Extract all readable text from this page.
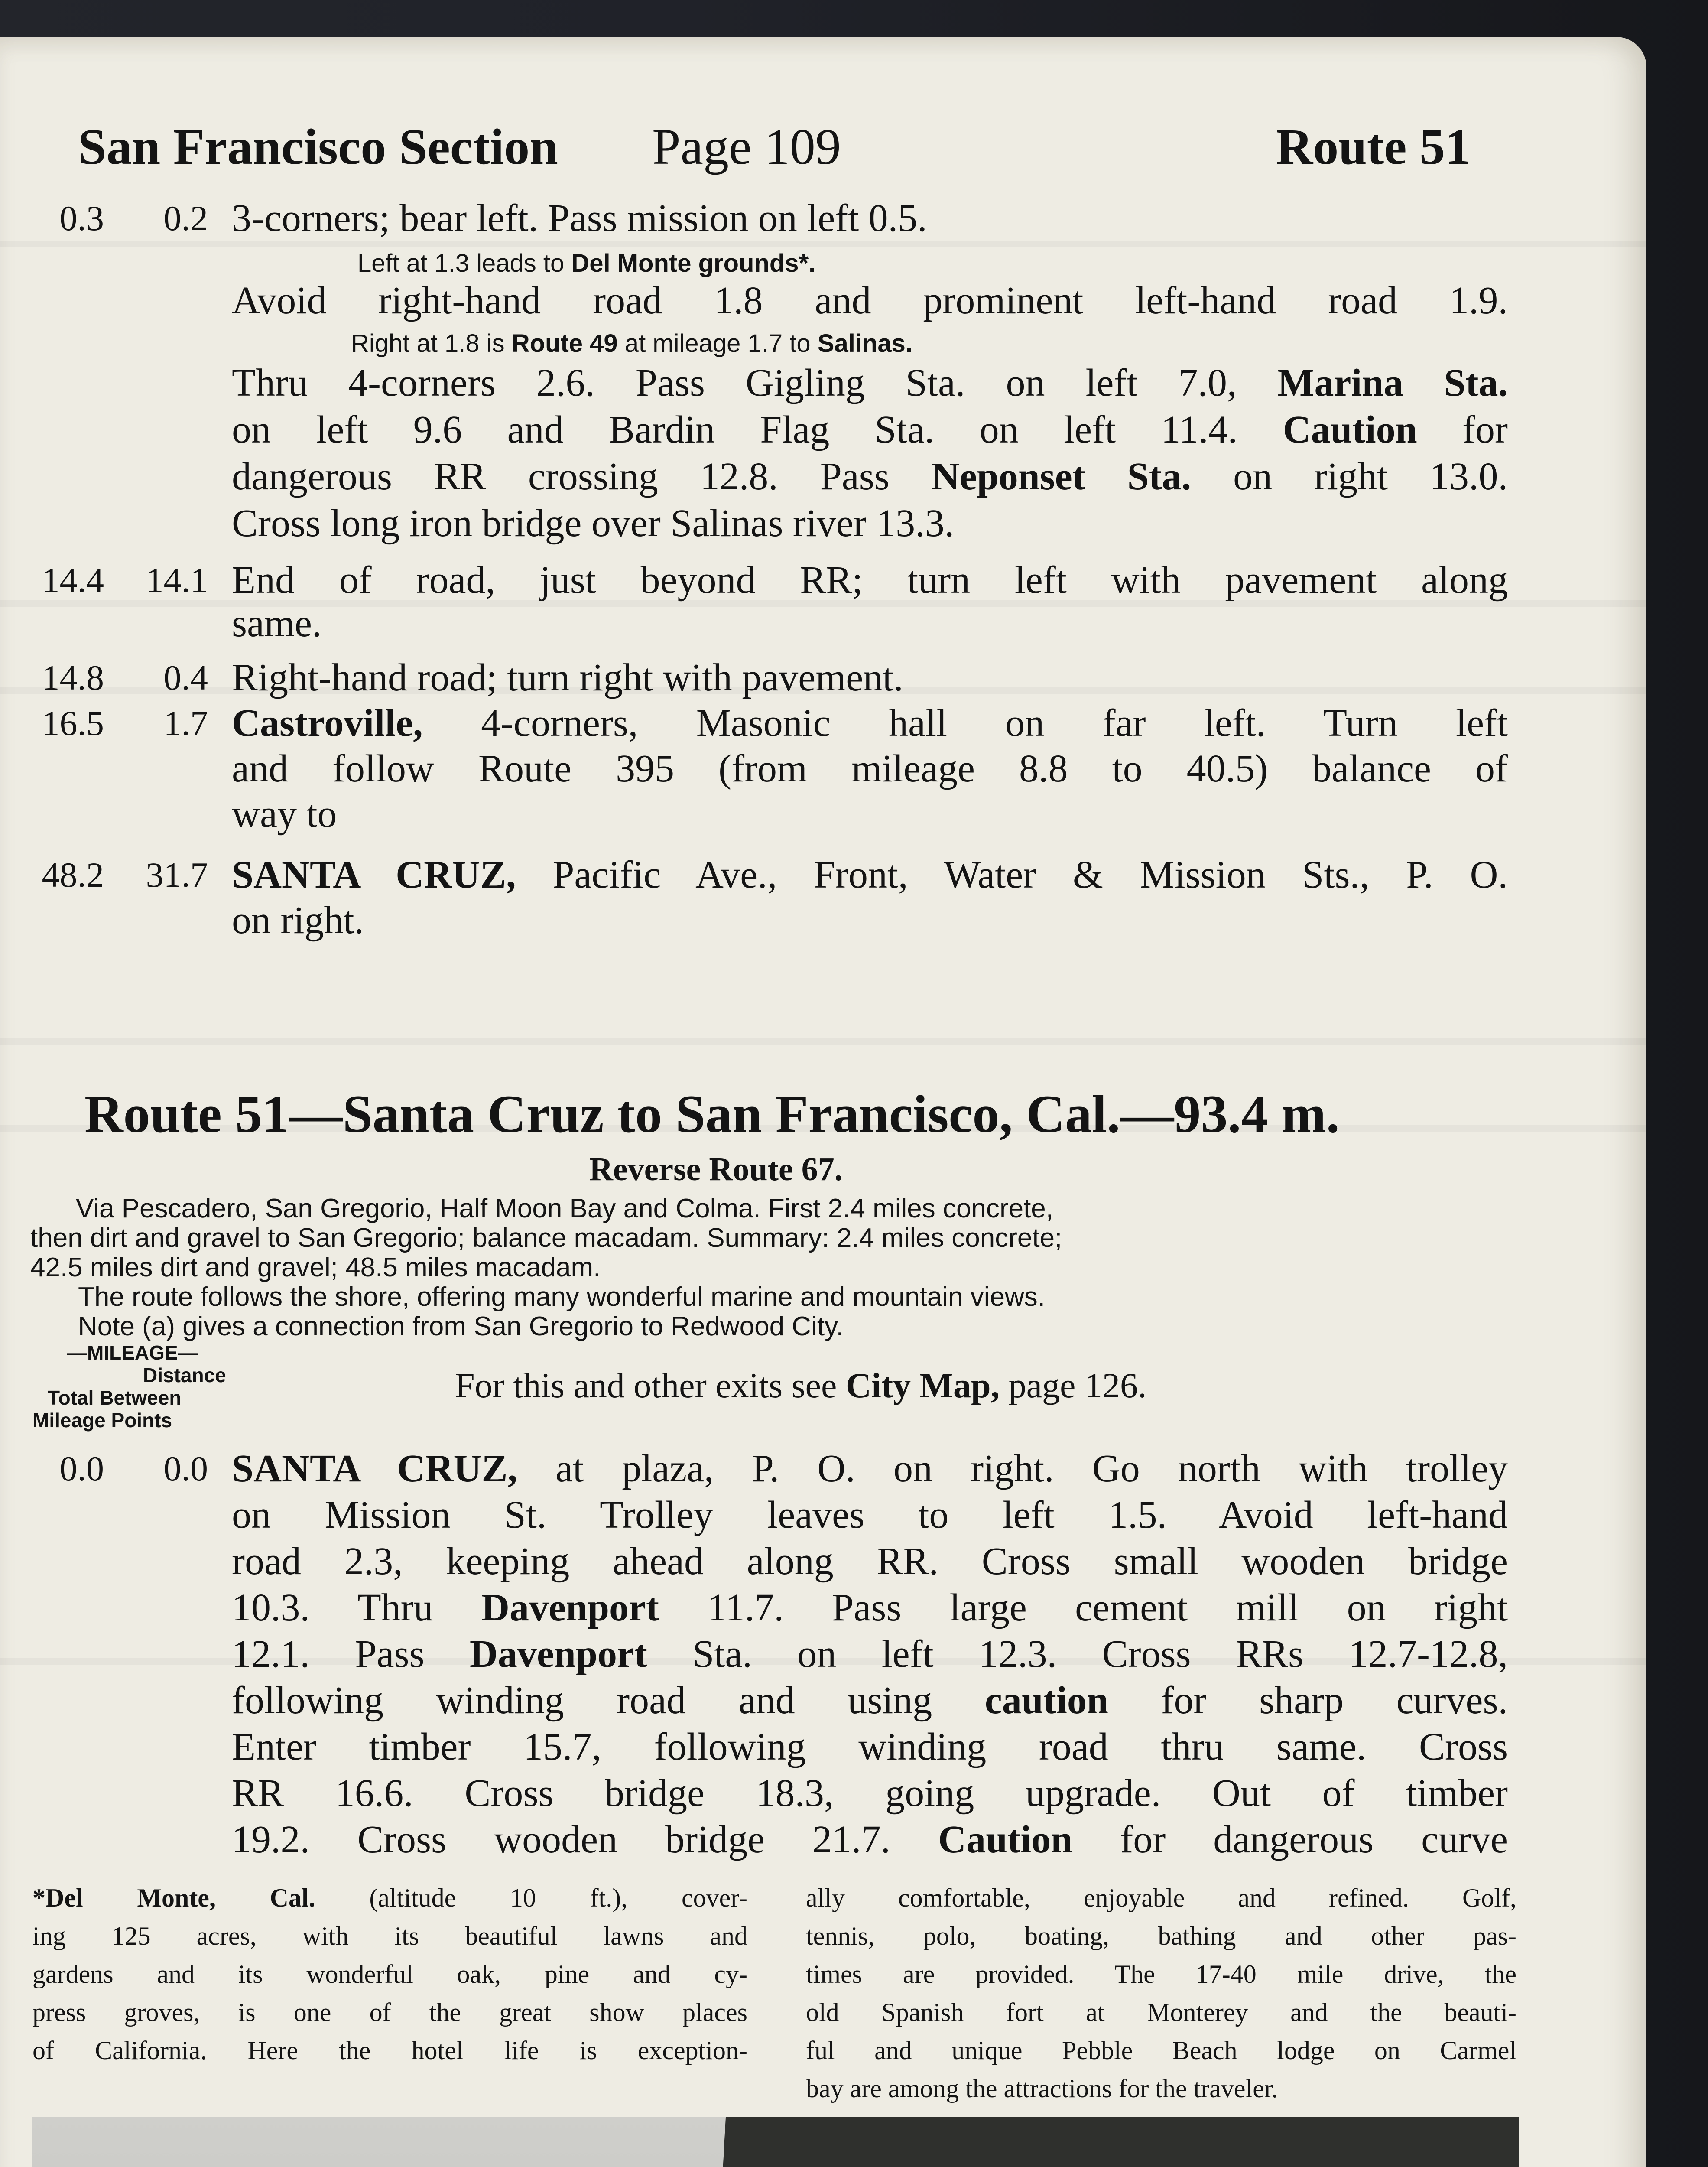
San Francisco Section Page 109	Route 51
0.3	0.2 3-corners; bear left. Pass mission on left 0.5.
Left at 1.3 leads to Del Monte grounds*.
Avoid right-hand road 1.8 and prominent left-hand road 1.9.
Right at 1.8 is Route 49 at mileage 1.7 to Salinas.
Thru 4-corners 2.6. Pass Gigling Sta. on left 7.0, Marina Sta.
on left 9.6 and Bardin Flag Sta. on left 11.4. Caution for
dangerous RR crossing 12.8. Pass Neponset Sta. on right 13.0.
Cross long iron bridge over Salinas river 13.3.
14.4	14.1 End of road, just beyond RR; turn left with pavement along
same.
14.8	0.4 Right-hand road; turn right with pavement.
16.5	1.7 Castroville, 4-corners, Masonic hall on far left. Turn left
and follow Route 395 (from mileage 8.8 to 40.5) balance of
way to
48.2	31.7 SANTA CRUZ, Pacific Ave., Front, Water & Mission Sts., P. O.
on right.
Route 51—Santa Cruz to San Francisco, Cal.—93.4 m.
Reverse Route 67.
Via Pescadero, San Gregorio, Half Moon Bay and Colma. First 2.4 miles concrete,
then dirt and gravel to San Gregorio; balance macadam. Summary: 2.4 miles concrete;
42.5 miles dirt and gravel; 48.5 miles macadam.
The route follows the shore, offering many wonderful marine and mountain views.
Note (a) gives a connection from San Gregorio to Redwood City.
—MILEAGE—
Distance
Total Between
Mileage Points
For this and other exits see City Map, page 126.
0.0	0.0 SANTA CRUZ, at plaza, P. O. on right. Go north with trolley
on Mission St. Trolley leaves to left 1.5. Avoid left-hand
road 2.3, keeping ahead along RR. Cross small wooden bridge
10.3. Thru Davenport 11.7. Pass large cement mill on right
12.1. Pass Davenport Sta. on left 12.3. Cross RRs 12.7-12.8,
following winding road and using caution for sharp curves.
Enter timber 15.7, following winding road thru same. Cross
RR 16.6. Cross bridge 18.3, going upgrade. Out of timber
19.2. Cross wooden bridge 21.7. Caution for dangerous curve
*Del Monte, Cal. (altitude 10 ft.), cover-
ing 125 acres, with its beautiful lawns and
gardens and its wonderful oak, pine and cy-
press groves, is one of the great show places
of California. Here the hotel life is exception-
ally comfortable, enjoyable and refined. Golf,
tennis, polo, boating, bathing and other pas-
times are provided. The 17-40 mile drive, the
old Spanish fort at Monterey and the beauti-
ful and unique Pebble Beach lodge on Carmel
bay are among the attractions for the traveler.
